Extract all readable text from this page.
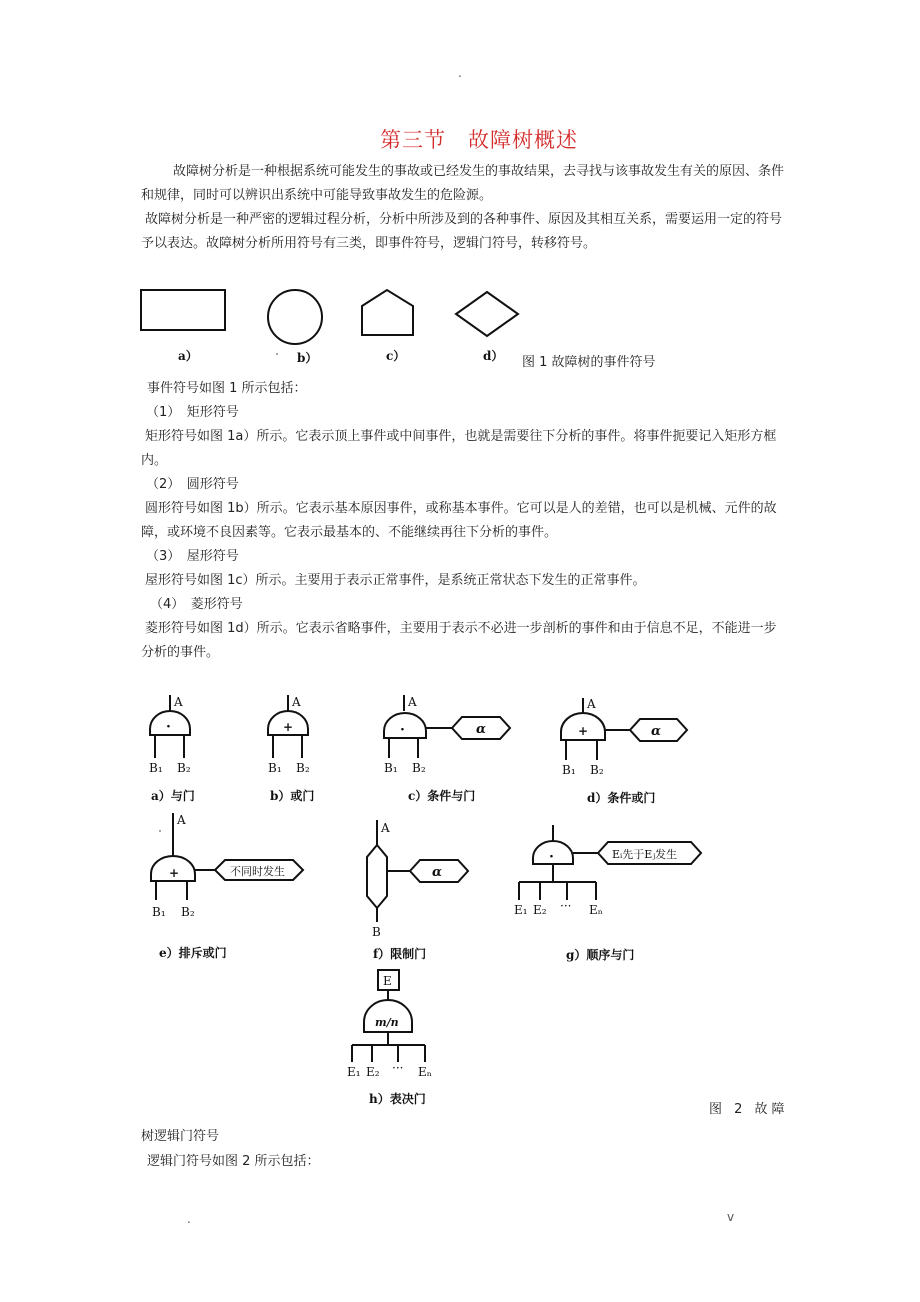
.
第三节　故障树概述
故障树分析是一种根据系统可能发生的事故或已经发生的事故结果，去寻找与该事故发生有关的原因、条件和规律，同时可以辨识出系统中可能导致事故发生的危险源。
故障树分析是一种严密的逻辑过程分析，分析中所涉及到的各种事件、原因及其相互关系，需要运用一定的符号予以表达。故障树分析所用符号有三类，即事件符号，逻辑门符号，转移符号。
a）	b）	c）	d） 图 1 故障树的事件符号
事件符号如图 1 所示包括：
（1）　矩形符号
矩形符号如图 1a）所示。它表示顶上事件或中间事件，也就是需要往下分析的事件。将事件扼要记入矩形方框内。
（2）　圆形符号
圆形符号如图 1b）所示。它表示基本原因事件，或称基本事件。它可以是人的差错，也可以是机械、元件的故障，或环境不良因素等。它表示最基本的、不能继续再往下分析的事件。
（3）　屋形符号
屋形符号如图 1c）所示。主要用于表示正常事件，是系统正常状态下发生的正常事件。
（4）　菱形符号
菱形符号如图 1d）所示。它表示省略事件，主要用于表示不必进一步剖析的事件和由于信息不足，不能进一步分析的事件。
A
·
B₁ B₂
A
+
B₁ B₂
A
·	α
B₁ B₂
A
+	α
B₁ B₂
A
+	不同时发生
B₁ B₂
A
α
B
·	Eᵢ先于Eⱼ发生
E₁ E₂ ··· Eₙ
E
m/n
E₁ E₂ ··· Eₙ
a）与门	b）或门	c）条件与门	d）条件或门
e）排斥或门	f）限制门	g）顺序与门
h）表决门
图 2 故障
树逻辑门符号
逻辑门符号如图 2 所示包括：
.	v
